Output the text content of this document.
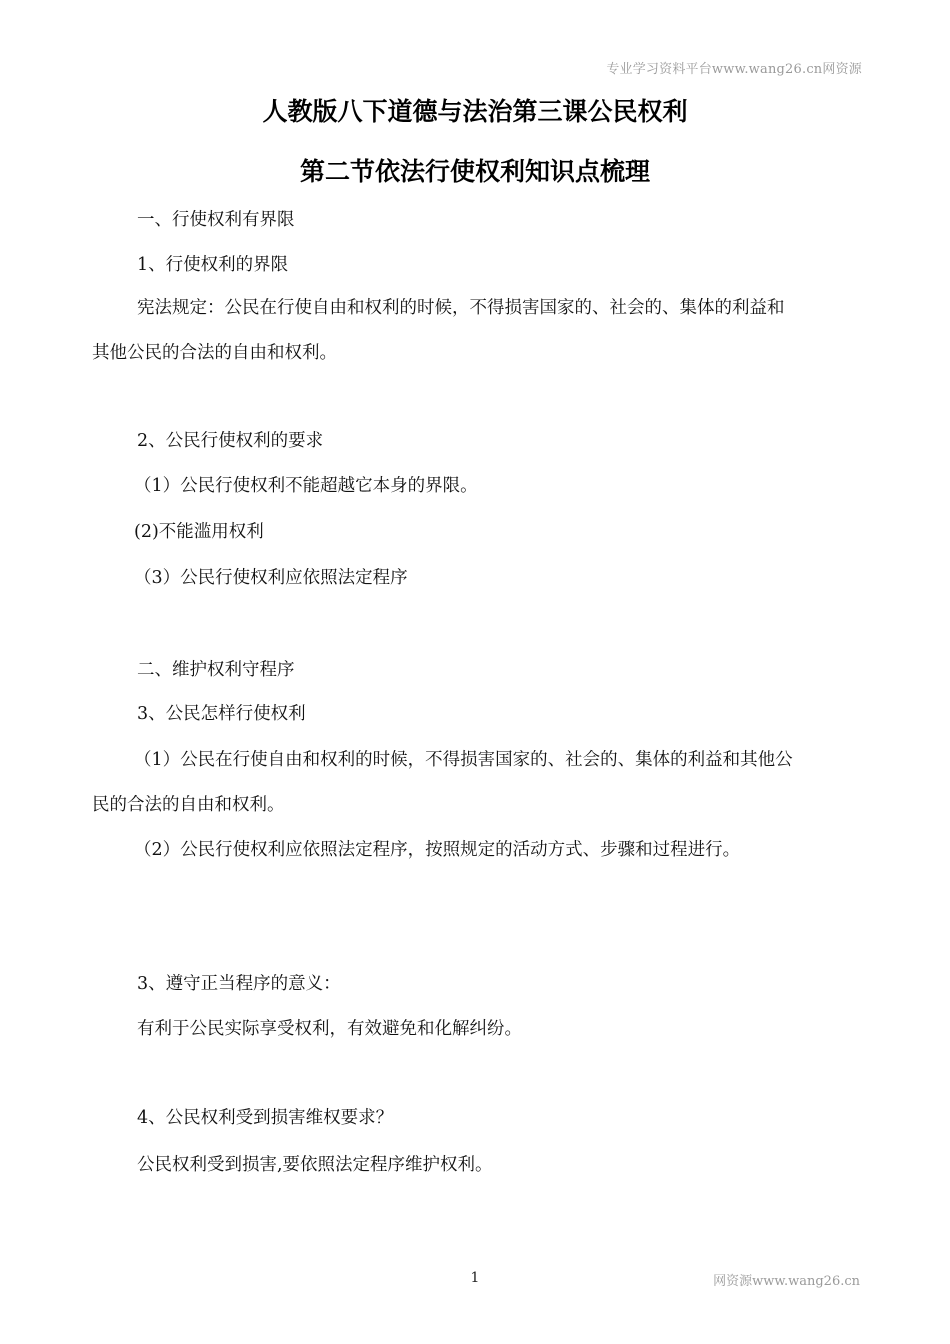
专业学习资料平台www.wang26.cn网资源
人教版八下道德与法治第三课公民权利
第二节依法行使权利知识点梳理
一、行使权利有界限
1、行使权利的界限
宪法规定：公民在行使自由和权利的时候，不得损害国家的、社会的、集体的利益和
其他公民的合法的自由和权利。
2、公民行使权利的要求
（1）公民行使权利不能超越它本身的界限。
(2)不能滥用权利
（3）公民行使权利应依照法定程序
二、维护权利守程序
3、公民怎样行使权利
（1）公民在行使自由和权利的时候，不得损害国家的、社会的、集体的利益和其他公
民的合法的自由和权利。
（2）公民行使权利应依照法定程序，按照规定的活动方式、步骤和过程进行。
3、遵守正当程序的意义：
有利于公民实际享受权利，有效避免和化解纠纷。
4、公民权利受到损害维权要求？
公民权利受到损害,要依照法定程序维护权利。
1	网资源www.wang26.cn
